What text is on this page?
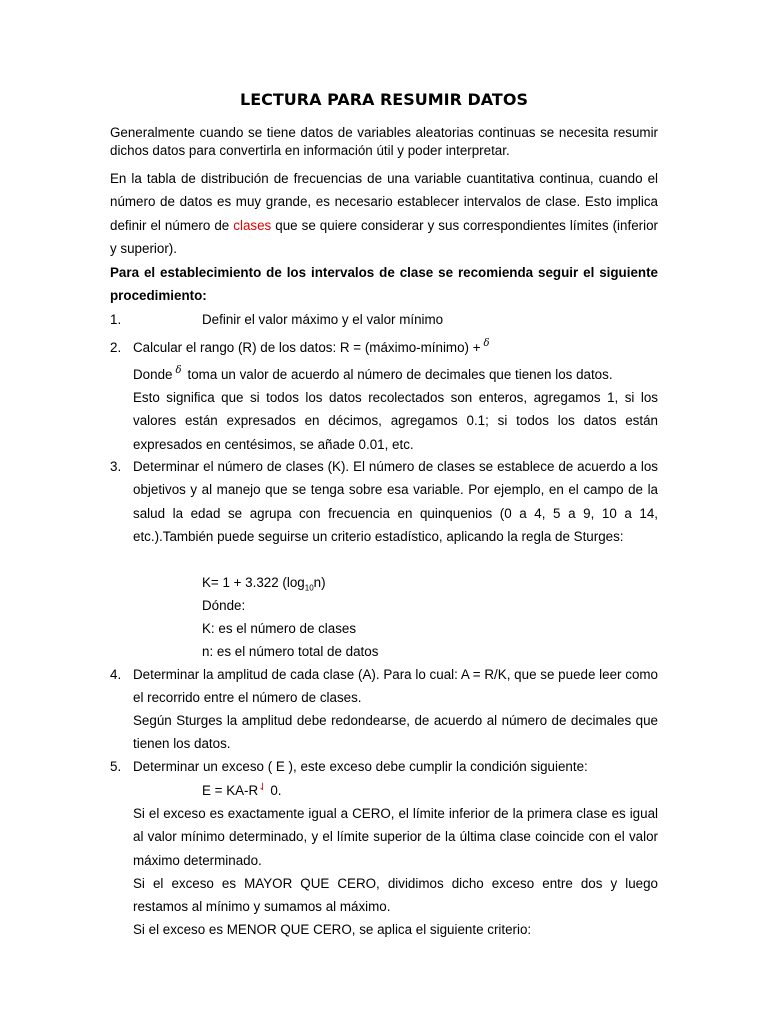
LECTURA PARA RESUMIR DATOS
Generalmente cuando se tiene datos de variables aleatorias continuas se necesita resumir dichos datos para convertirla en información útil y poder interpretar.
En la tabla de distribución de frecuencias de una variable cuantitativa continua, cuando el número de datos es muy grande, es necesario establecer intervalos de clase. Esto implica definir el número de clases que se quiere considerar y sus correspondientes límites (inferior y superior).
Para el establecimiento de los intervalos de clase se recomienda seguir el siguiente procedimiento:
1.	Definir el valor máximo y el valor mínimo
2. Calcular el rango (R) de los datos: R = (máximo-mínimo) + $^\delta$
Donde $^\delta$ toma un valor de acuerdo al número de decimales que tienen los datos.
Esto significa que si todos los datos recolectados son enteros, agregamos 1, si los valores están expresados en décimos, agregamos 0.1; si todos los datos están expresados en centésimos, se añade 0.01, etc.
3. Determinar el número de clases (K). El número de clases se establece de acuerdo a los objetivos y al manejo que se tenga sobre esa variable. Por ejemplo, en el campo de la salud la edad se agrupa con frecuencia en quinquenios (0 a 4, 5 a 9, 10 a 14, etc.).También puede seguirse un criterio estadístico, aplicando la regla de Sturges:
K= 1 + 3.322 $(\log_{10}n)$
Dónde:
K: es el número de clases
n: es el número total de datos
4. Determinar la amplitud de cada clase (A). Para lo cual: A = R/K, que se puede leer como el recorrido entre el número de clases.
Según Sturges la amplitud debe redondearse, de acuerdo al número de decimales que tienen los datos.
5. Determinar un exceso ( E ), este exceso debe cumplir la condición siguiente:
E = KA-R⇃ 0.
Si el exceso es exactamente igual a CERO, el límite inferior de la primera clase es igual al valor mínimo determinado, y el límite superior de la última clase coincide con el valor máximo determinado.
Si el exceso es MAYOR QUE CERO, dividimos dicho exceso entre dos y luego restamos al mínimo y sumamos al máximo.
Si el exceso es MENOR QUE CERO, se aplica el siguiente criterio:
